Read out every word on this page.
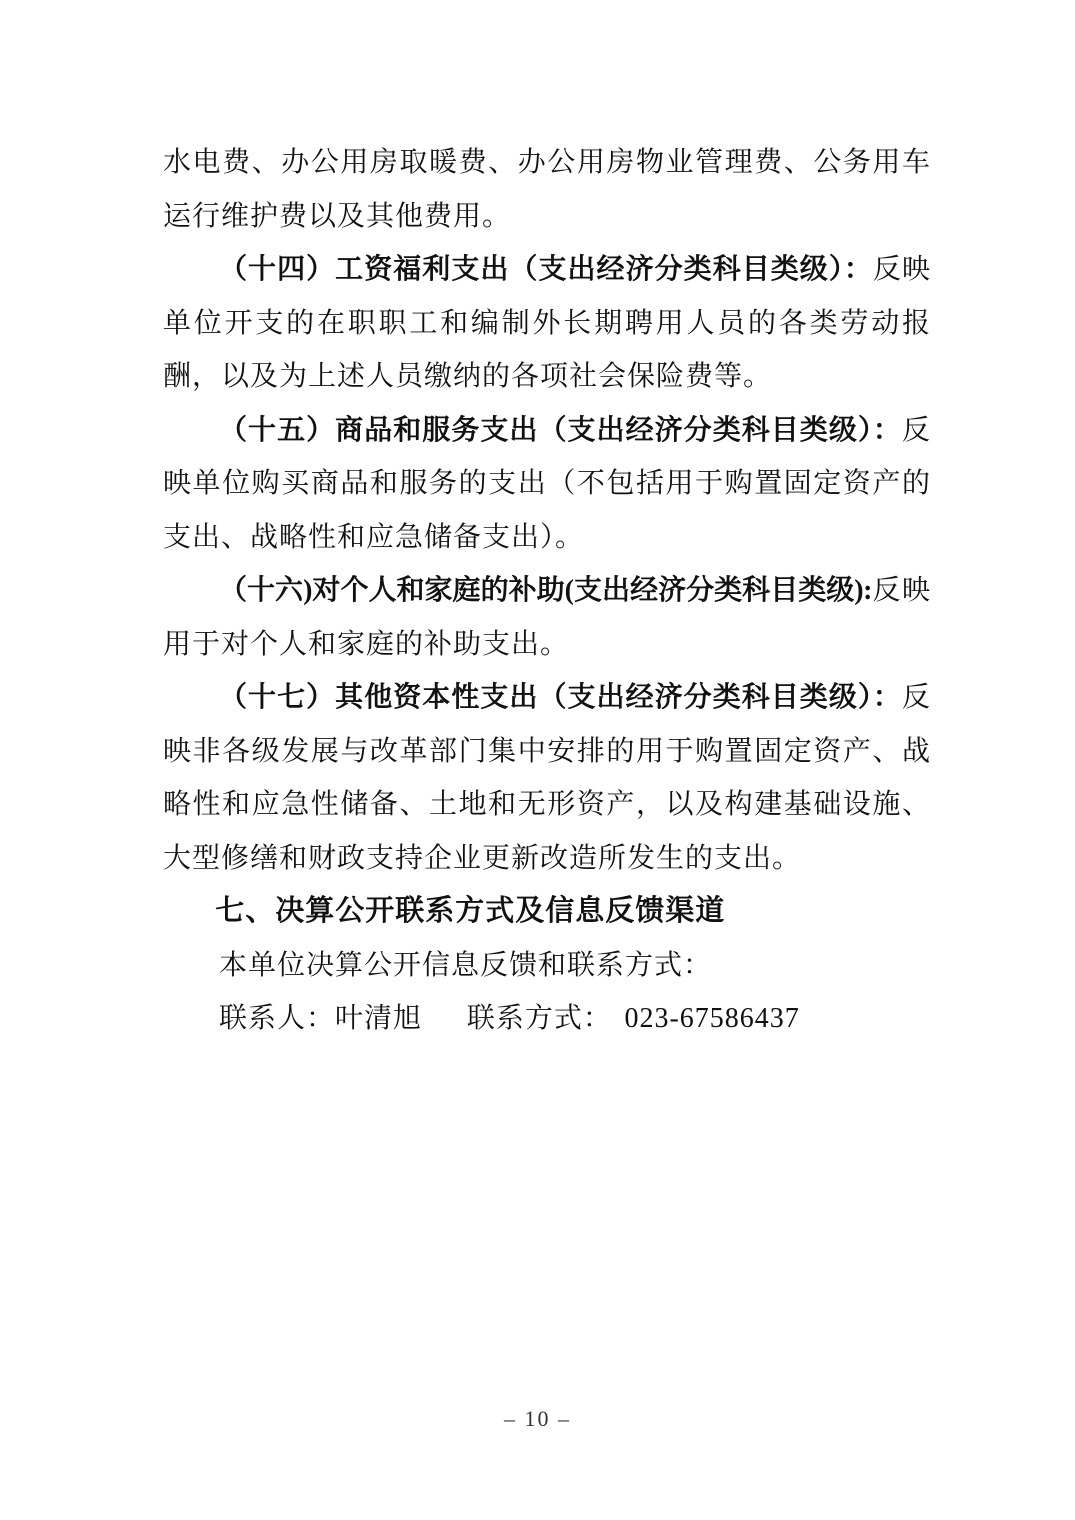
水电费、办公用房取暖费、办公用房物业管理费、公务用车运行维护费以及其他费用。

（十四）工资福利支出（支出经济分类科目类级）：反映单位开支的在职职工和编制外长期聘用人员的各类劳动报酬，以及为上述人员缴纳的各项社会保险费等。

（十五）商品和服务支出（支出经济分类科目类级）：反映单位购买商品和服务的支出（不包括用于购置固定资产的支出、战略性和应急储备支出）。

（十六)对个人和家庭的补助(支出经济分类科目类级):反映用于对个人和家庭的补助支出。

（十七）其他资本性支出（支出经济分类科目类级）：反映非各级发展与改革部门集中安排的用于购置固定资产、战略性和应急性储备、土地和无形资产，以及构建基础设施、大型修缮和财政支持企业更新改造所发生的支出。

七、决算公开联系方式及信息反馈渠道

本单位决算公开信息反馈和联系方式：

联系人：叶清旭 联系方式： 023-67586437

– 10 –
